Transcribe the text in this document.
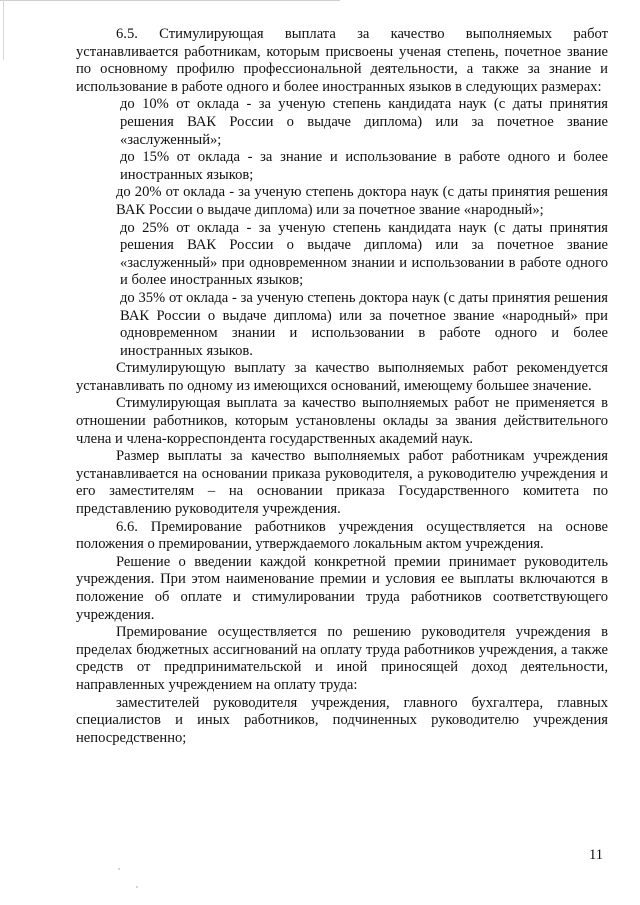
6.5. Стимулирующая выплата за качество выполняемых работ устанавливается работникам, которым присвоены ученая степень, почетное звание по основному профилю профессиональной деятельности, а также за знание и использование в работе одного и более иностранных языков в следующих размерах:

до 10% от оклада - за ученую степень кандидата наук (с даты принятия решения ВАК России о выдаче диплома) или за почетное звание «заслуженный»;

до 15% от оклада - за знание и использование в работе одного и более иностранных языков;

до 20% от оклада - за ученую степень доктора наук (с даты принятия решения ВАК России о выдаче диплома) или за почетное звание «народный»;

до 25% от оклада - за ученую степень кандидата наук (с даты принятия решения ВАК России о выдаче диплома) или за почетное звание «заслуженный» при одновременном знании и использовании в работе одного и более иностранных языков;

до 35% от оклада - за ученую степень доктора наук (с даты принятия решения ВАК России о выдаче диплома) или за почетное звание «народный» при одновременном знании и использовании в работе одного и более иностранных языков.

Стимулирующую выплату за качество выполняемых работ рекомендуется устанавливать по одному из имеющихся оснований, имеющему большее значение.

Стимулирующая выплата за качество выполняемых работ не применяется в отношении работников, которым установлены оклады за звания действительного члена и члена-корреспондента государственных академий наук.

Размер выплаты за качество выполняемых работ работникам учреждения устанавливается на основании приказа руководителя, а руководителю учреждения и его заместителям – на основании приказа Государственного комитета по представлению руководителя учреждения.

6.6. Премирование работников учреждения осуществляется на основе положения о премировании, утверждаемого локальным актом учреждения.

Решение о введении каждой конкретной премии принимает руководитель учреждения. При этом наименование премии и условия ее выплаты включаются в положение об оплате и стимулировании труда работников соответствующего учреждения.

Премирование осуществляется по решению руководителя учреждения в пределах бюджетных ассигнований на оплату труда работников учреждения, а также средств от предпринимательской и иной приносящей доход деятельности, направленных учреждением на оплату труда:

заместителей руководителя учреждения, главного бухгалтера, главных специалистов и иных работников, подчиненных руководителю учреждения непосредственно;

11
